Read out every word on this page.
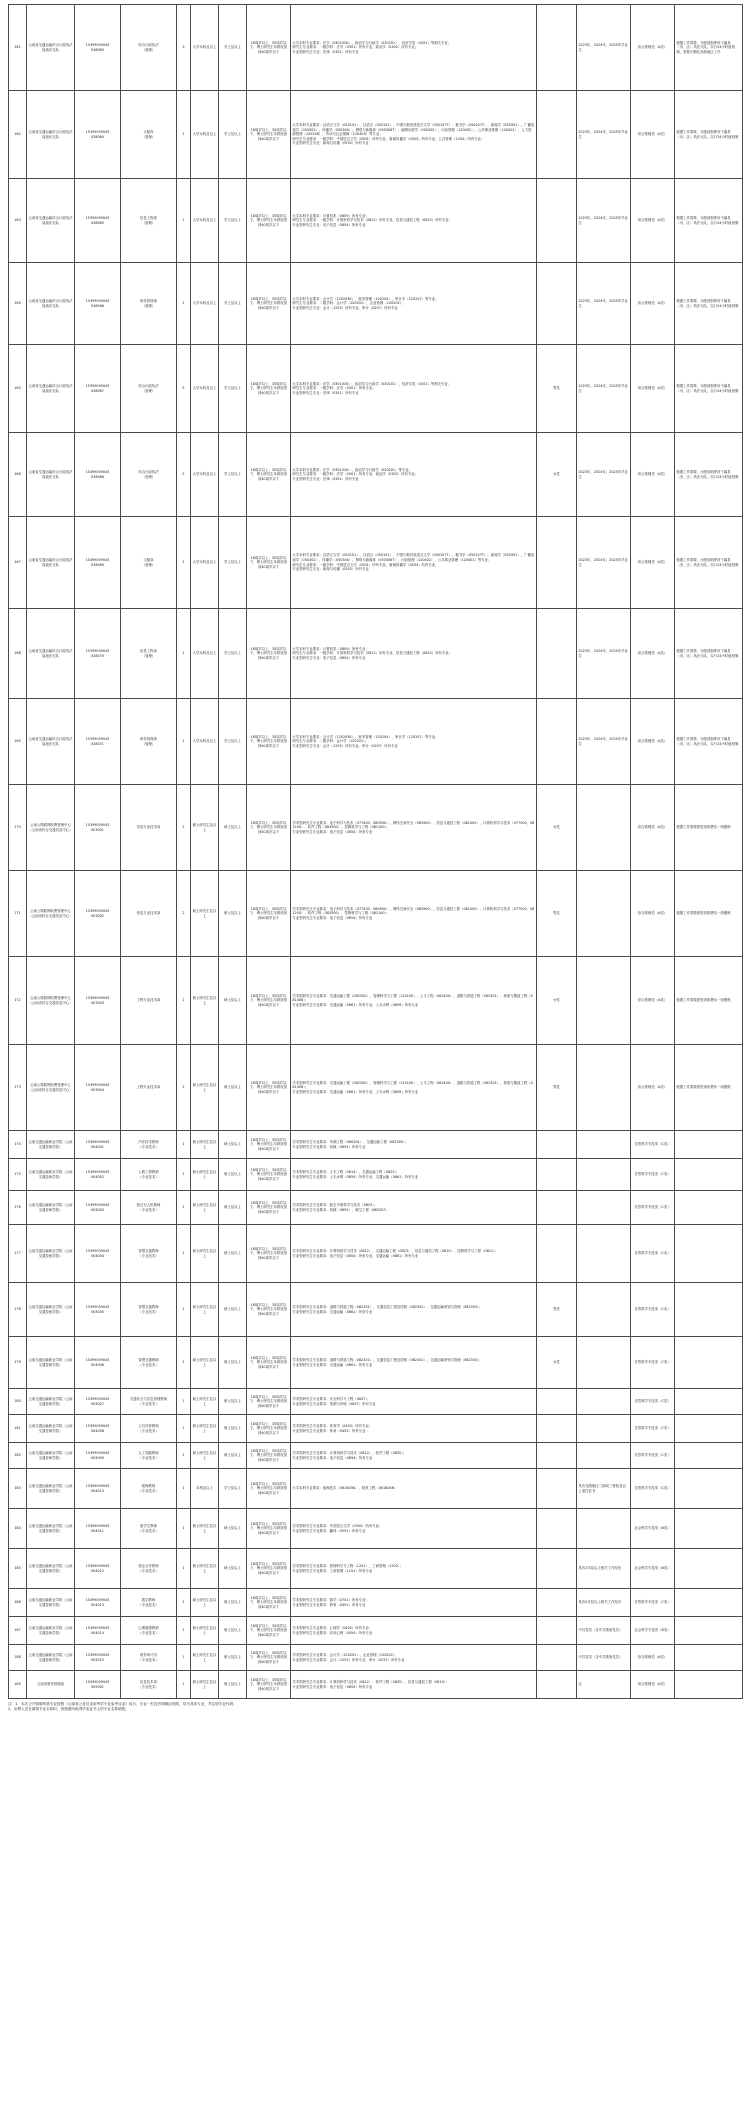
161	云南省交通运输综合行政执法局迪庆支队	15399059045
038063	综合行政执法
（管理）	3	大学本科及以上	学士及以上	18周岁以上、35周岁以下，博士研究生年龄放宽到40周岁以下	大学本科专业要求：法学（030101K）、政治学与行政学（030201）、经济学类（0201）等相关专业；
研究生专业要求：一级学科：法学（0301）所有专业、政治学（0302）所有专业；
专业型研究生专业：法律（0351）所有专业		2023年、2024年、2025年毕业生	综合管理类（A类）	根据工作需要，分配到指挥所下属县（市、区）执法大队，实行24小时值班制，需要长期在高原地区工作
162	云南省交通运输综合行政执法局迪庆支队	15399059045
038064	文秘岗
（管理）	1	大学本科及以上	学士及以上	18周岁以上、35周岁以下，博士研究生年龄放宽到40周岁以下	大学本科专业要求：汉语言文学（050101）、汉语言（050102）、中国少数民族语言文学（050107T）、秘书学（050107T）、新闻学（050301）、广播电视学（050302）、传播学（050304）、网络与新媒体（050306T）、编辑出版学（050305）、行政管理（120402）、公共事业管理（120401）、人力资源管理（120206）、劳动与社会保障（120403）等专业；
研究生专业要求：一级学科：中国语言文学（0501）所有专业、新闻传播学（0503）所有专业、公共管理（1204）所有专业；
专业型研究生专业：新闻与传播（0552）所有专业		2023年、2024年、2025年毕业生	综合管理类（A类）	根据工作需要，分配到指挥所下属县（市、区）执法大队，实行24小时值班制
163	云南省交通运输综合行政执法局迪庆支队	15399059045
038065	信息工程岗
（管理）	1	大学本科及以上	学士及以上	18周岁以上、35周岁以下，博士研究生年龄放宽到40周岁以下	大学本科专业要求：计算机类（0809）所有专业；
研究生专业要求：一级学科：计算机科学与技术（0812）所有专业、信息与通信工程（0810）所有专业；
专业型研究生专业：电子信息（0854）所有专业		2023年、2024年、2025年毕业生	综合管理类（A类）	根据工作需要，分配到指挥所下属县（市、区）执法大队，实行24小时值班制
164	云南省交通运输综合行政执法局迪庆支队	15399059045
038066	财务管理岗
（管理）	1	大学本科及以上	学士及以上	18周岁以上、35周岁以下，博士研究生年龄放宽到40周岁以下	大学本科专业要求：会计学（120203K）、财务管理（120204）、审计学（120207）等专业；
研究生专业要求：二级学科：会计学（120201）、企业管理（120202）；
专业型研究生专业：会计（1253）所有专业、审计（0257）所有专业		2023年、2024年、2025年毕业生	综合管理类（A类）	根据工作需要，分配到指挥所下属县（市、区）执法大队，实行24小时值班制
165	云南省交通运输综合行政执法局迪庆支队	15399059045
038067	综合行政执法
（管理）	5	大学本科及以上	学士及以上	18周岁以上、35周岁以下，博士研究生年龄放宽到40周岁以下	大学本科专业要求：法学（030101K）、政治学与行政学（030201）、经济学类（0201）等相关专业；
研究生专业要求：一级学科：法学（0301）所有专业；
专业型研究生专业：法律（0351）所有专业	男性	2023年、2024年、2025年毕业生	综合管理类（A类）	根据工作需要，分配到指挥所下属县（市、区）执法大队，实行24小时值班制
166	云南省交通运输综合行政执法局迪庆支队	15399059045
038068	综合行政执法
（管理）	5	大学本科及以上	学士及以上	18周岁以上、35周岁以下，博士研究生年龄放宽到40周岁以下	大学本科专业要求：法学（030101K）、政治学与行政学（030201）等专业；
研究生专业要求：一级学科：法学（0301）所有专业、政治学（0302）所有专业；
专业型研究生专业：法律（0351）所有专业	女性	2023年、2024年、2025年毕业生	综合管理类（A类）	根据工作需要，分配到指挥所下属县（市、区）执法大队，实行24小时值班制
167	云南省交通运输综合行政执法局迪庆支队	15399059045
038069	文秘岗
（管理）	1	大学本科及以上	学士及以上	18周岁以上、35周岁以下，博士研究生年龄放宽到40周岁以下	大学本科专业要求：汉语言文学（050101）、汉语言（050102）、中国少数民族语言文学（050107T）、秘书学（050107T）、新闻学（050301）、广播电视学（050302）、传播学（050304）、网络与新媒体（050306T）、行政管理（120402）、公共事业管理（120401）等专业；
研究生专业要求：一级学科：中国语言文学（0501）所有专业、新闻传播学（0503）所有专业；
专业型研究生专业：新闻与传播（0552）所有专业		2023年、2024年、2025年毕业生	综合管理类（A类）	根据工作需要，分配到指挥所下属县（市、区）执法大队，实行24小时值班制
168	云南省交通运输综合行政执法局迪庆支队	15399059045
038070	信息工程岗
（管理）	1	大学本科及以上	学士及以上	18周岁以上、35周岁以下，博士研究生年龄放宽到40周岁以下	大学本科专业要求：计算机类（0809）所有专业；
研究生专业要求：一级学科：计算机科学与技术（0812）所有专业、信息与通信工程（0810）所有专业；
专业型研究生专业：电子信息（0854）所有专业		2023年、2024年、2025年毕业生	综合管理类（A类）	根据工作需要，分配到指挥所下属县（市、区）执法大队，实行24小时值班制
169	云南省交通运输综合行政执法局迪庆支队	15399059045
038071	财务管理岗
（管理）	1	大学本科及以上	学士及以上	18周岁以上、35周岁以下，博士研究生年龄放宽到40周岁以下	大学本科专业要求：会计学（120203K）、财务管理（120204）、审计学（120207）等专业；
研究生专业要求：二级学科：会计学（120201）；
专业型研究生专业：会计（1253）所有专业、审计（0257）所有专业		2023年、2024年、2025年毕业生	综合管理类（A类）	根据工作需要，分配到指挥所下属县（市、区）执法大队，实行24小时值班制
170	云南公路联网收费管理中心（云南省综合交通信息中心）	15399059045
003001	信息专业技术岗	2	硕士研究生及以上	硕士及以上	18周岁以上、35周岁以下，博士研究生年龄放宽到40周岁以下	学术型研究生专业要求：电子科学与技术（077400、080900）、网络空间安全（083900）、信息与通信工程（081000）、计算机科学与技术（077500、081200）、软件工程（083500）、控制科学与工程（081100）；
专业型研究生专业要求：电子信息（0854）所有专业	女性		综合管理类（A类）	根据工作需要派驻到收费站一线锻炼
171	云南公路联网收费管理中心（云南省综合交通信息中心）	15399059045
003002	信息专业技术岗	2	硕士研究生及以上	硕士及以上	18周岁以上、35周岁以下，博士研究生年龄放宽到40周岁以下	学术型研究生专业要求：电子科学与技术（077400、080900）、网络空间安全（083900）、信息与通信工程（081000）、计算机科学与技术（077500、081200）、软件工程（083500）、控制科学与工程（081100）；
专业型研究生专业要求：电子信息（0854）所有专业	男性		综合管理类（A类）	根据工作需要派驻到收费站一线锻炼
172	云南公路联网收费管理中心（云南省综合交通信息中心）	15399059045
003003	工程专业技术岗	2	硕士研究生及以上	硕士及以上	18周岁以上、35周岁以下，博士研究生年龄放宽到40周岁以下	学术型研究生专业要求：交通运输工程（082300）、管理科学与工程（120100）、土木工程（081400）、道路与铁道工程（082301）、桥梁与隧道工程（081406）；
专业型研究生专业要求：交通运输（0861）所有专业、土木水利（0859）所有专业	女性		综合管理类（A类）	根据工作需要派驻到收费站一线锻炼
173	云南公路联网收费管理中心（云南省综合交通信息中心）	15399059045
003004	工程专业技术岗	2	硕士研究生及以上	硕士及以上	18周岁以上、35周岁以下，博士研究生年龄放宽到40周岁以下	学术型研究生专业要求：交通运输工程（082300）、管理科学与工程（120100）、土木工程（081400）、道路与铁道工程（082301）、桥梁与隧道工程（081406）；
专业型研究生专业要求：交通运输（0861）所有专业、土木水利（0859）所有专业	男性		综合管理类（A类）	根据工作需要派驻到收费站一线锻炼
174	云南交通运输职业学院（云南交通技师学院）	15399059045
004001	汽车技术教师
（专业技术）	1	硕士研究生及以上	硕士及以上	18周岁以上、35周岁以下，博士研究生年龄放宽到40周岁以下	学术型研究生专业要求：车辆工程（080204）、交通运输工程（082300）；
专业型研究生专业要求：机械（0855）所有专业			自然科学专技类（C类）	
175	云南交通运输职业学院（云南交通技师学院）	15399059045
004002	公路工程教师
（专业技术）	1	硕士研究生及以上	硕士及以上	18周岁以上、35周岁以下，博士研究生年龄放宽到40周岁以下	学术型研究生专业要求：土木工程（0814）、交通运输工程（0823）；
专业型研究生专业要求：土木水利（0859）所有专业、交通运输（0861）所有专业			自然科学专技类（C类）	
176	云南交通运输职业学院（云南交通技师学院）	15399059045
004003	航空无人机教师
（专业技术）	1	硕士研究生及以上	硕士及以上	18周岁以上、35周岁以下，博士研究生年龄放宽到40周岁以下	学术型研究生专业要求：航空宇航科学与技术（0825）；
专业型研究生专业要求：机械（0855）、航空工程（085507）			自然科学专技类（C类）	
177	云南交通运输职业学院（云南交通技师学院）	15399059045
004004	智慧交通教师
（专业技术）	1	硕士研究生及以上	硕士及以上	18周岁以上、35周岁以下，博士研究生年龄放宽到40周岁以下	学术型研究生专业要求：计算机科学与技术（0812）、交通运输工程（0823）、信息与通信工程（0810）、控制科学与工程（0811）；
专业型研究生专业要求：电子信息（0854）所有专业、交通运输（0861）所有专业			自然科学专技类（C类）	
178	云南交通运输职业学院（云南交通技师学院）	15399059045
004005	智慧交通教师
（专业技术）	1	硕士研究生及以上	硕士及以上	18周岁以上、35周岁以下，博士研究生年龄放宽到40周岁以下	学术型研究生专业要求：道路与铁道工程（082301）、交通信息工程及控制（082302）、交通运输规划与管理（082303）；
专业型研究生专业要求：交通运输（0861）所有专业	男性		自然科学专技类（C类）	
179	云南交通运输职业学院（云南交通技师学院）	15399059045
004006	智慧交通教师
（专业技术）	1	硕士研究生及以上	硕士及以上	18周岁以上、35周岁以下，博士研究生年龄放宽到40周岁以下	学术型研究生专业要求：道路与铁道工程（082301）、交通信息工程及控制（082302）、交通运输规划与管理（082303）；
专业型研究生专业要求：交通运输（0861）所有专业	女性		自然科学专技类（C类）	
180	云南交通运输职业学院（云南交通技师学院）	15399059045
004007	交通安全与应急管理教师
（专业技术）	1	硕士研究生及以上	硕士及以上	18周岁以上、35周岁以下，博士研究生年龄放宽到40周岁以下	学术型研究生专业要求：安全科学与工程（0837）；
专业型研究生专业要求：资源与环境（0857）所有专业			自然科学专技类（C类）	
181	云南交通运输职业学院（云南交通技师学院）	15399059045
004008	公共体育教师
（专业技术）	1	硕士研究生及以上	硕士及以上	18周岁以上、35周岁以下，博士研究生年龄放宽到40周岁以下	学术型研究生专业要求：体育学（0403）所有专业；
专业型研究生专业要求：体育（0452）所有专业			自然科学专技类（C类）	
182	云南交通运输职业学院（云南交通技师学院）	15399059045
004009	人工智能教师
（专业技术）	1	硕士研究生及以上	硕士及以上	18周岁以上、35周岁以下，博士研究生年龄放宽到40周岁以下	学术型研究生专业要求：计算机科学与技术（0812）、软件工程（0835）；
专业型研究生专业要求：电子信息（0854）所有专业			自然科学专技类（C类）	
183	云南交通运输职业学院（云南交通技师学院）	15399059045
004010	航海教师
（专业技术）	1	本科及以上	学士及以上	18周岁以上、35周岁以下，博士研究生年龄放宽到40周岁以下	大学本科专业要求：航海技术（081803K）、轮机工程（081804K）		具有无限航区三副或三管轮及以上适任证书	自然科学专技类（C类）	
184	云南交通运输职业学院（云南交通技师学院）	15399059045
004011	留学生教师
（专业技术）	1	硕士研究生及以上	硕士及以上	18周岁以上、35周岁以下，博士研究生年龄放宽到40周岁以下	学术型研究生专业要求：外国语言文学（0502）所有专业；
专业型研究生专业要求：翻译（0551）所有专业			社会科学专技类（B类）	
185	云南交通运输职业学院（云南交通技师学院）	15399059045
004012	校企合作教师
（专业技术）	1	硕士研究生及以上	硕士及以上	18周岁以上、35周岁以下，博士研究生年龄放宽到40周岁以下	学术型研究生专业要求：管理科学与工程（1201）、工商管理（1202）；
专业型研究生专业要求：工商管理（1251）所有专业		具有2年及以上相关工作经历	社会科学专技类（B类）	
186	云南交通运输职业学院（云南交通技师学院）	15399059045
004013	数学教师
（专业技术）	1	硕士研究生及以上	硕士及以上	18周岁以上、35周岁以下，博士研究生年龄放宽到40周岁以下	学术型研究生专业要求：数学（0701）所有专业；
专业型研究生专业要求：教育（0451）所有专业		具有2年及以上相关工作经历	自然科学专技类（C类）	
187	云南交通运输职业学院（云南交通技师学院）	15399059045
004014	心理健康教师
（专业技术）	1	硕士研究生及以上	硕士及以上	18周岁以上、35周岁以下，博士研究生年龄放宽到40周岁以下	学术型研究生专业要求：心理学（0402）所有专业；
专业型研究生专业要求：应用心理（0454）所有专业		中共党员（含中共预备党员）	社会科学专技类（B类）	
188	云南交通运输职业学院（云南交通技师学院）	15399059045
004015	财务审计员
（专业技术）	1	硕士研究生及以上	硕士及以上	18周岁以上、35周岁以下，博士研究生年龄放宽到40周岁以下	学术型研究生专业要求：会计学（120201）、企业管理（120202）；
专业型研究生专业要求：会计（1253）所有专业、审计（0257）所有专业		中共党员（含中共预备党员）	综合管理类（A类）	
189	云南省航务管理局	15399059045
005001	信息技术岗
（专业技术）	1	硕士研究生及以上	硕士及以上	18周岁以上、35周岁以下，博士研究生年龄放宽到40周岁以下	学术型研究生专业要求：计算机科学与技术（0812）、软件工程（0835）、信息与通信工程（0810）；
专业型研究生专业要求：电子信息（0854）所有专业		无	综合管理类（A类）	
注：1、本次公开招聘所需专业按照《云南省公务员录用考试专业参考目录》执行，专业一栏没有明确注明的，均为具体专业，并注明专业代码；
2、应聘人员在填报专业名称时，须按照所取得毕业证书上的专业名称填报。
